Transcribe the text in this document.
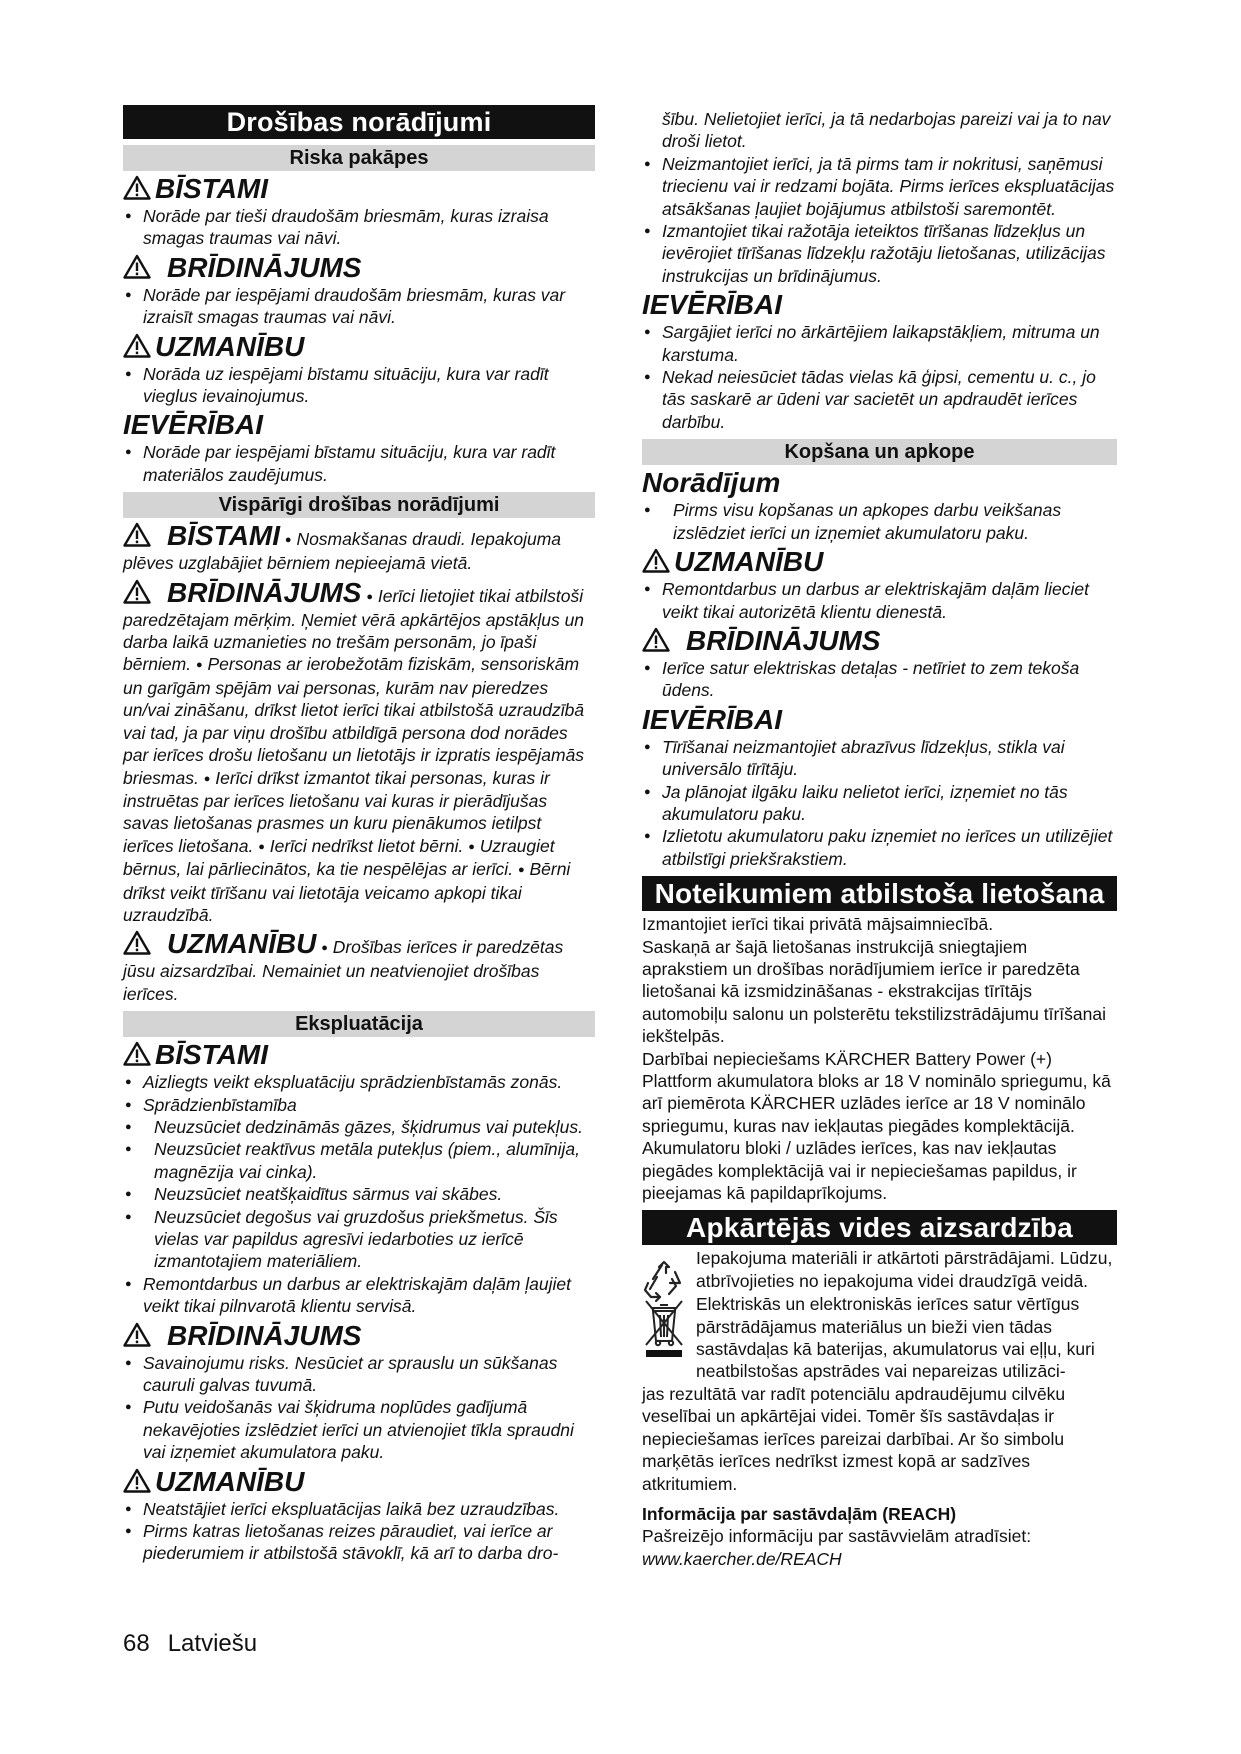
Drošības norādījumi
Riska pakāpes
BĪSTAMI
● Norāde par tieši draudošām briesmām, kuras izraisa smagas traumas vai nāvi.
BRĪDINĀJUMS
● Norāde par iespējami draudošām briesmām, kuras var izraisīt smagas traumas vai nāvi.
UZMANĪBU
● Norāda uz iespējami bīstamu situāciju, kura var radīt vieglus ievainojumus.
IEVĒRĪBAI
● Norāde par iespējami bīstamu situāciju, kura var radīt materiālos zaudējumus.
Vispārīgi drošības norādījumi
BĪSTAMI ● Nosmakšanas draudi. Iepakojuma plēves uzglabājiet bērniem nepieejamā vietā.
BRĪDINĀJUMS ● Ierīci lietojiet tikai atbilstoši paredzētajam mērķim. Ņemiet vērā apkārtējos apstākļus un darba laikā uzmanieties no trešām personām, jo īpaši bērniem. ● Personas ar ierobežotām fiziskām, sensoriskām un garīgām spējām vai personas, kurām nav pieredzes un/vai zināšanu, drīkst lietot ierīci tikai atbilstošā uzraudzībā vai tad, ja par viņu drošību atbildīgā persona dod norādes par ierīces drošu lietošanu un lietotājs ir izpratis iespējamās briesmas. ● Ierīci drīkst izmantot tikai personas, kuras ir instruētas par ierīces lietošanu vai kuras ir pierādījušas savas lietošanas prasmes un kuru pienākumos ietilpst ierīces lietošana. ● Ierīci nedrīkst lietot bērni. ● Uzraugiet bērnus, lai pārliecinātos, ka tie nespēlējas ar ierīci. ● Bērni drīkst veikt tīrīšanu vai lietotāja veicamo apkopi tikai uzraudzībā.
UZMANĪBU ● Drošības ierīces ir paredzētas jūsu aizsardzībai. Nemainiet un neatvienojiet drošības ierīces.
Ekspluatācija
BĪSTAMI
● Aizliegts veikt ekspluatāciju sprādzienbīstamās zonās.
● Sprādzienbīstamība
● Neuzsūciet dedzināmās gāzes, šķidrumus vai putekļus.
● Neuzsūciet reaktīvus metāla putekļus (piem., alumīnija, magnēzija vai cinka).
● Neuzsūciet neatšķaidītus sārmus vai skābes.
● Neuzsūciet degošus vai gruzdošus priekšmetus. Šīs vielas var papildus agresīvi iedarboties uz ierīcē izmantotajiem materiāliem.
● Remontdarbus un darbus ar elektriskajām daļām ļaujiet veikt tikai pilnvarotā klientu servisā.
BRĪDINĀJUMS
● Savainojumu risks. Nesūciet ar sprauslu un sūkšanas cauruli galvas tuvumā.
● Putu veidošanās vai šķidruma noplūdes gadījumā nekavējoties izslēdziet ierīci un atvienojiet tīkla spraudni vai izņemiet akumulatora paku.
UZMANĪBU
● Neatstājiet ierīci ekspluatācijas laikā bez uzraudzības.
● Pirms katras lietošanas reizes pāraudiet, vai ierīce ar piederumiem ir atbilstošā stāvoklī, kā arī to darba dro-
šību. Nelietojiet ierīci, ja tā nedarbojas pareizi vai ja to nav droši lietot.
● Neizmantojiet ierīci, ja tā pirms tam ir nokritusi, saņēmusi triecienu vai ir redzami bojāta. Pirms ierīces ekspluatācijas atsākšanas ļaujiet bojājumus atbilstoši saremontēt.
● Izmantojiet tikai ražotāja ieteiktos tīrīšanas līdzekļus un ievērojiet tīrīšanas līdzekļu ražotāju lietošanas, utilizācijas instrukcijas un brīdinājumus.
IEVĒRĪBAI
● Sargājiet ierīci no ārkārtējiem laikapstākļiem, mitruma un karstuma.
● Nekad neiesūciet tādas vielas kā ģipsi, cementu u. c., jo tās saskarē ar ūdeni var sacietēt un apdraudēt ierīces darbību.
Kopšana un apkope
Norādījum
● Pirms visu kopšanas un apkopes darbu veikšanas izslēdziet ierīci un izņemiet akumulatoru paku.
UZMANĪBU
● Remontdarbus un darbus ar elektriskajām daļām lieciet veikt tikai autorizētā klientu dienestā.
BRĪDINĀJUMS
● Ierīce satur elektriskas detaļas - netīriet to zem tekoša ūdens.
IEVĒRĪBAI
● Tīrīšanai neizmantojiet abrazīvus līdzekļus, stikla vai universālo tīrītāju.
● Ja plānojat ilgāku laiku nelietot ierīci, izņemiet no tās akumulatoru paku.
● Izlietotu akumulatoru paku izņemiet no ierīces un utilizējiet atbilstīgi priekšrakstiem.
Noteikumiem atbilstoša lietošana
Izmantojiet ierīci tikai privātā mājsaimniecībā.
Saskaņā ar šajā lietošanas instrukcijā sniegtajiem aprakstiem un drošības norādījumiem ierīce ir paredzēta lietošanai kā izsmidzināšanas - ekstrakcijas tīrītājs automobiļu salonu un polsterētu tekstilizstrādājumu tīrīšanai iekštelpās.
Darbībai nepieciešams KÄRCHER Battery Power (+) Plattform akumulatora bloks ar 18 V nominālo spriegumu, kā arī piemērota KÄRCHER uzlādes ierīce ar 18 V nominālo spriegumu, kuras nav iekļautas piegādes komplektācijā.
Akumulatoru bloki / uzlādes ierīces, kas nav iekļautas piegādes komplektācijā vai ir nepieciešamas papildus, ir pieejamas kā papildaprīkojums.
Apkārtējās vides aizsardzība
Iepakojuma materiāli ir atkārtoti pārstrādājami. Lūdzu, atbrīvojieties no iepakojuma videi draudzīgā veidā.
Elektriskās un elektroniskās ierīces satur vērtīgus pārstrādājamus materiālus un bieži vien tādas sastāvdaļas kā baterijas, akumulatorus vai eļļu, kuri neatbilstošas apstrādes vai nepareizas utilizāci-
jas rezultātā var radīt potenciālu apdraudējumu cilvēku veselībai un apkārtējai videi. Tomēr šīs sastāvdaļas ir nepieciešamas ierīces pareizai darbībai. Ar šo simbolu marķētās ierīces nedrīkst izmest kopā ar sadzīves atkritumiem.
Informācija par sastāvdaļām (REACH)
Pašreizējo informāciju par sastāvvielām atradīsiet:
www.kaercher.de/REACH
68 Latviešu
